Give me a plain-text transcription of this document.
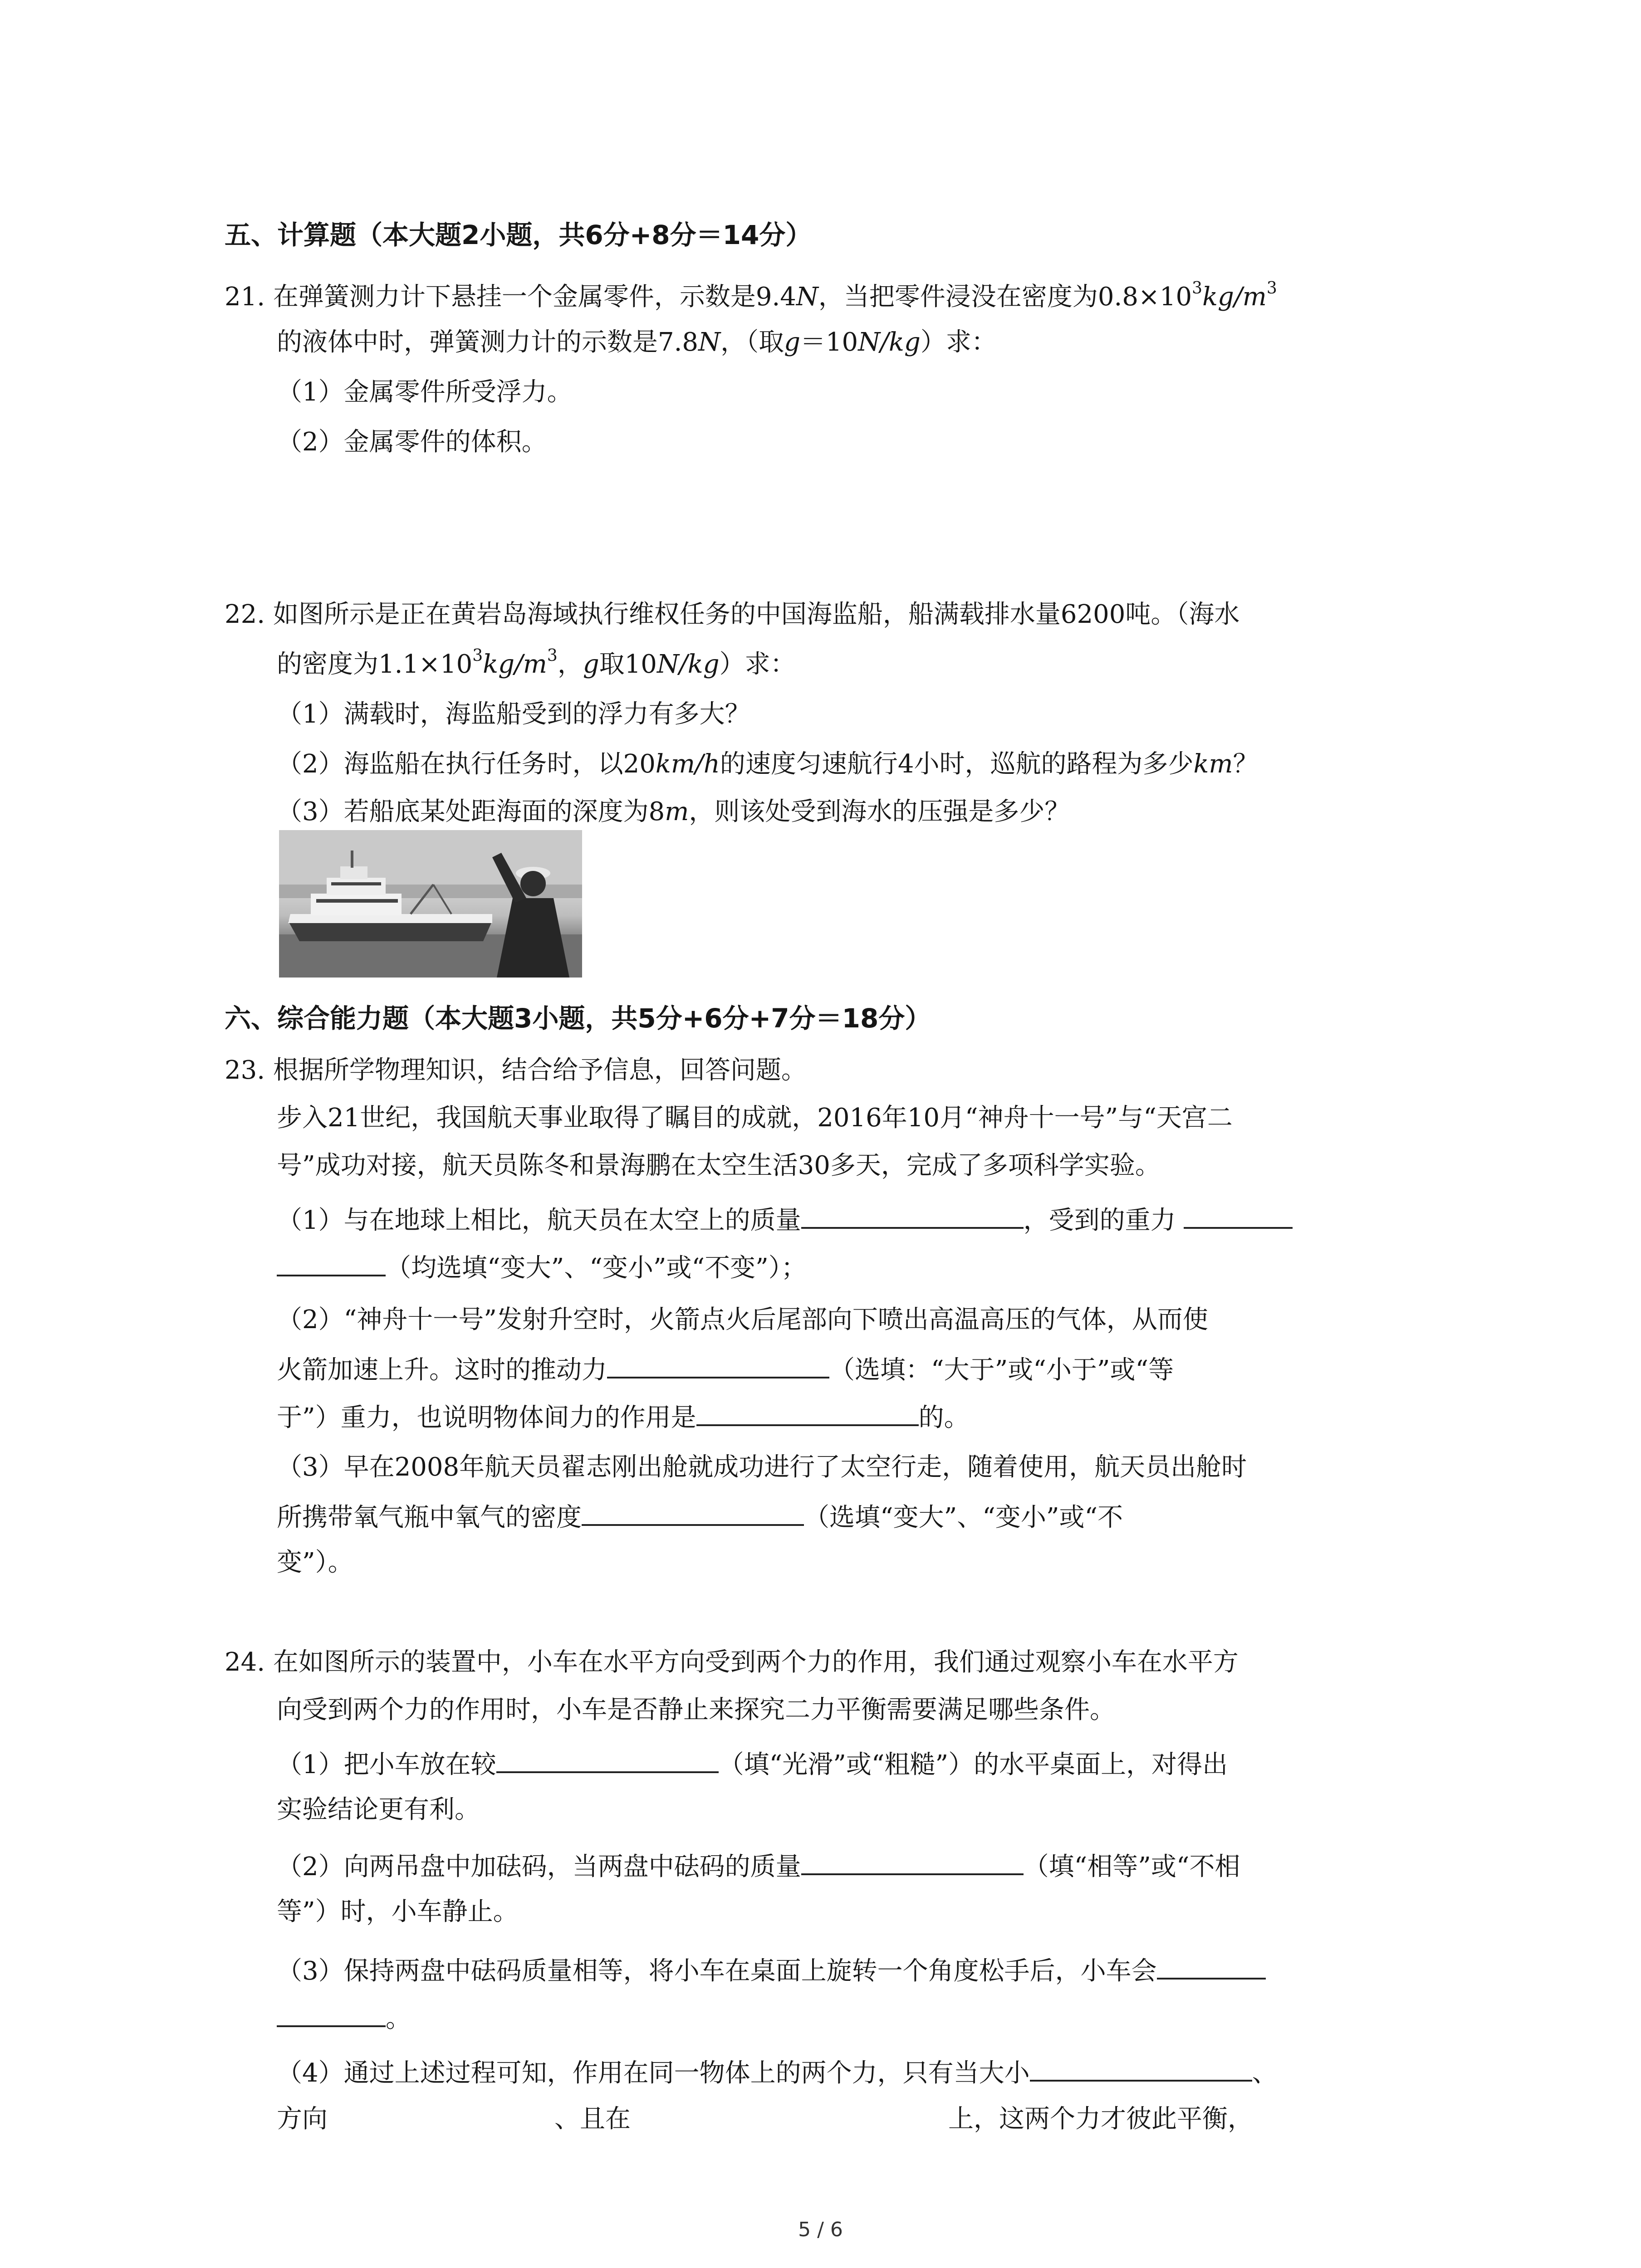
五、计算题（本大题2小题，共6分+8分＝14分）
21. 在弹簧测力计下悬挂一个金属零件，示数是9.4N，当把零件浸没在密度为$0.8\times 10^3kg/m^3$
的液体中时，弹簧测力计的示数是7.8N，（取g＝10N/kg）求：
（1）金属零件所受浮力。
（2）金属零件的体积。
22. 如图所示是正在黄岩岛海域执行维权任务的中国海监船，船满载排水量6200吨。（海水
的密度为$1.1\times 10^3kg/m^3$，g取10N/kg）求：
（1）满载时，海监船受到的浮力有多大？
（2）海监船在执行任务时，以20km/h的速度匀速航行4小时，巡航的路程为多少km？
（3）若船底某处距海面的深度为8m，则该处受到海水的压强是多少？
六、综合能力题（本大题3小题，共5分+6分+7分＝18分）
23. 根据所学物理知识，结合给予信息，回答问题。
步入21世纪，我国航天事业取得了瞩目的成就，2016年10月“神舟十一号”与“天宫二
号”成功对接，航天员陈冬和景海鹏在太空生活30多天，完成了多项科学实验。
（1）与在地球上相比，航天员在太空上的质量	，受到的重力
（均选填“变大”、“变小”或“不变”）；
（2）“神舟十一号”发射升空时，火箭点火后尾部向下喷出高温高压的气体，从而使
火箭加速上升。这时的推动力	（选填：“大于”或“小于”或“等
于”）重力，也说明物体间力的作用是	的。
（3）早在2008年航天员翟志刚出舱就成功进行了太空行走，随着使用，航天员出舱时
所携带氧气瓶中氧气的密度	（选填“变大”、“变小”或“不
变”）。
24. 在如图所示的装置中，小车在水平方向受到两个力的作用，我们通过观察小车在水平方
向受到两个力的作用时，小车是否静止来探究二力平衡需要满足哪些条件。
（1）把小车放在较	（填“光滑”或“粗糙”）的水平桌面上，对得出
实验结论更有利。
（2）向两吊盘中加砝码，当两盘中砝码的质量	（填“相等”或“不相
等”）时，小车静止。
（3）保持两盘中砝码质量相等，将小车在桌面上旋转一个角度松手后，小车会
。
（4）通过上述过程可知，作用在同一物体上的两个力，只有当大小	、
方向	、且在	上，这两个力才彼此平衡，
5 / 6
